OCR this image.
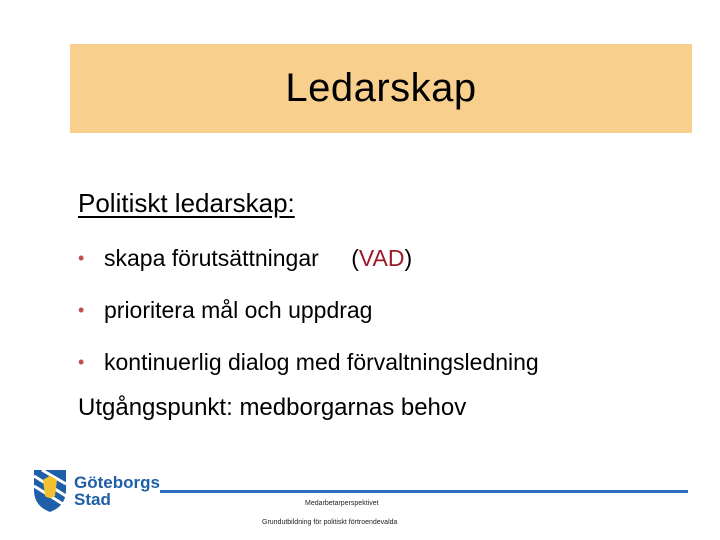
Ledarskap
Politiskt ledarskap:
• skapa förutsättningar (VAD)
• prioritera mål och uppdrag
• kontinuerlig dialog med förvaltningsledning
Utgångspunkt: medborgarnas behov
Göteborgs
Stad	Medarbetarperspektivet
Grundutbildning för politiskt förtroendevalda
